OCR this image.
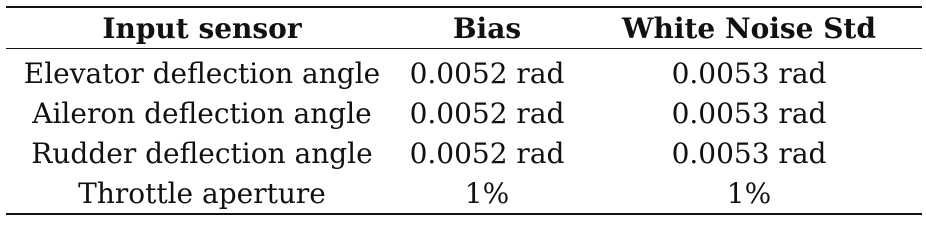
Input sensor	Bias	White Noise Std
Elevator deflection angle	0.0052 rad	0.0053 rad
Aileron deflection angle	0.0052 rad	0.0053 rad
Rudder deflection angle	0.0052 rad	0.0053 rad
Throttle aperture	1%	1%
